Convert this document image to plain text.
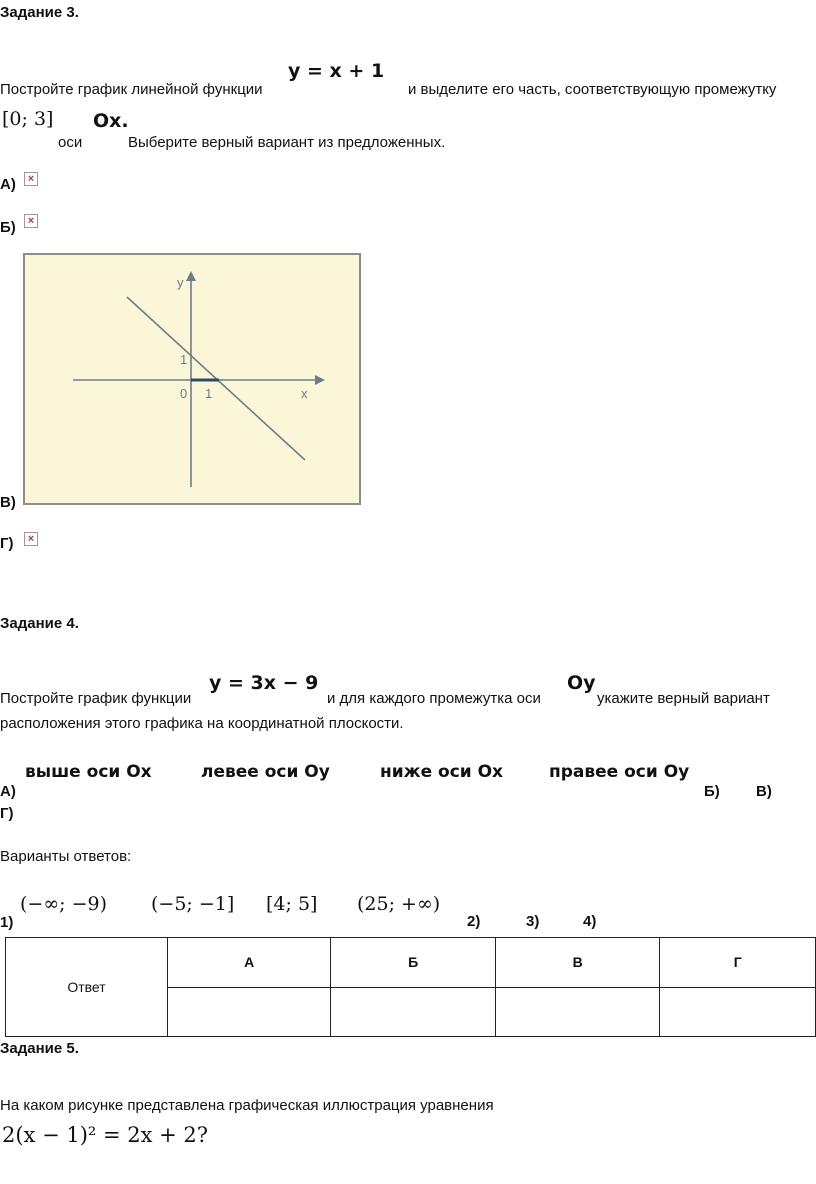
Задание 3.
Постройте график линейной функции
y = x + 1
и выделите его часть, соответствующую промежутку
[0; 3]
оси
Ox.
Выберите верный вариант из предложенных.
А)	×
Б)	×
y
x
0 1
1
В)
Г)	×
Задание 4.
Постройте график функции
y = 3x − 9
и для каждого промежутка оси
Oy
укажите верный вариант
расположения этого графика на координатной плоскости.
выше оси Ox	левее оси Oy	ниже оси Ox	правее оси Oy
А)	Б) В)
Г)
Варианты ответов:
(−∞; −9) (−5; −1] [4; 5] (25; +∞)
1)	2)	3)	4)
Ответ	А	Б	В	Г

Задание 5.
На каком рисунке представлена графическая иллюстрация уравнения
2(x − 1)² = 2x + 2?
